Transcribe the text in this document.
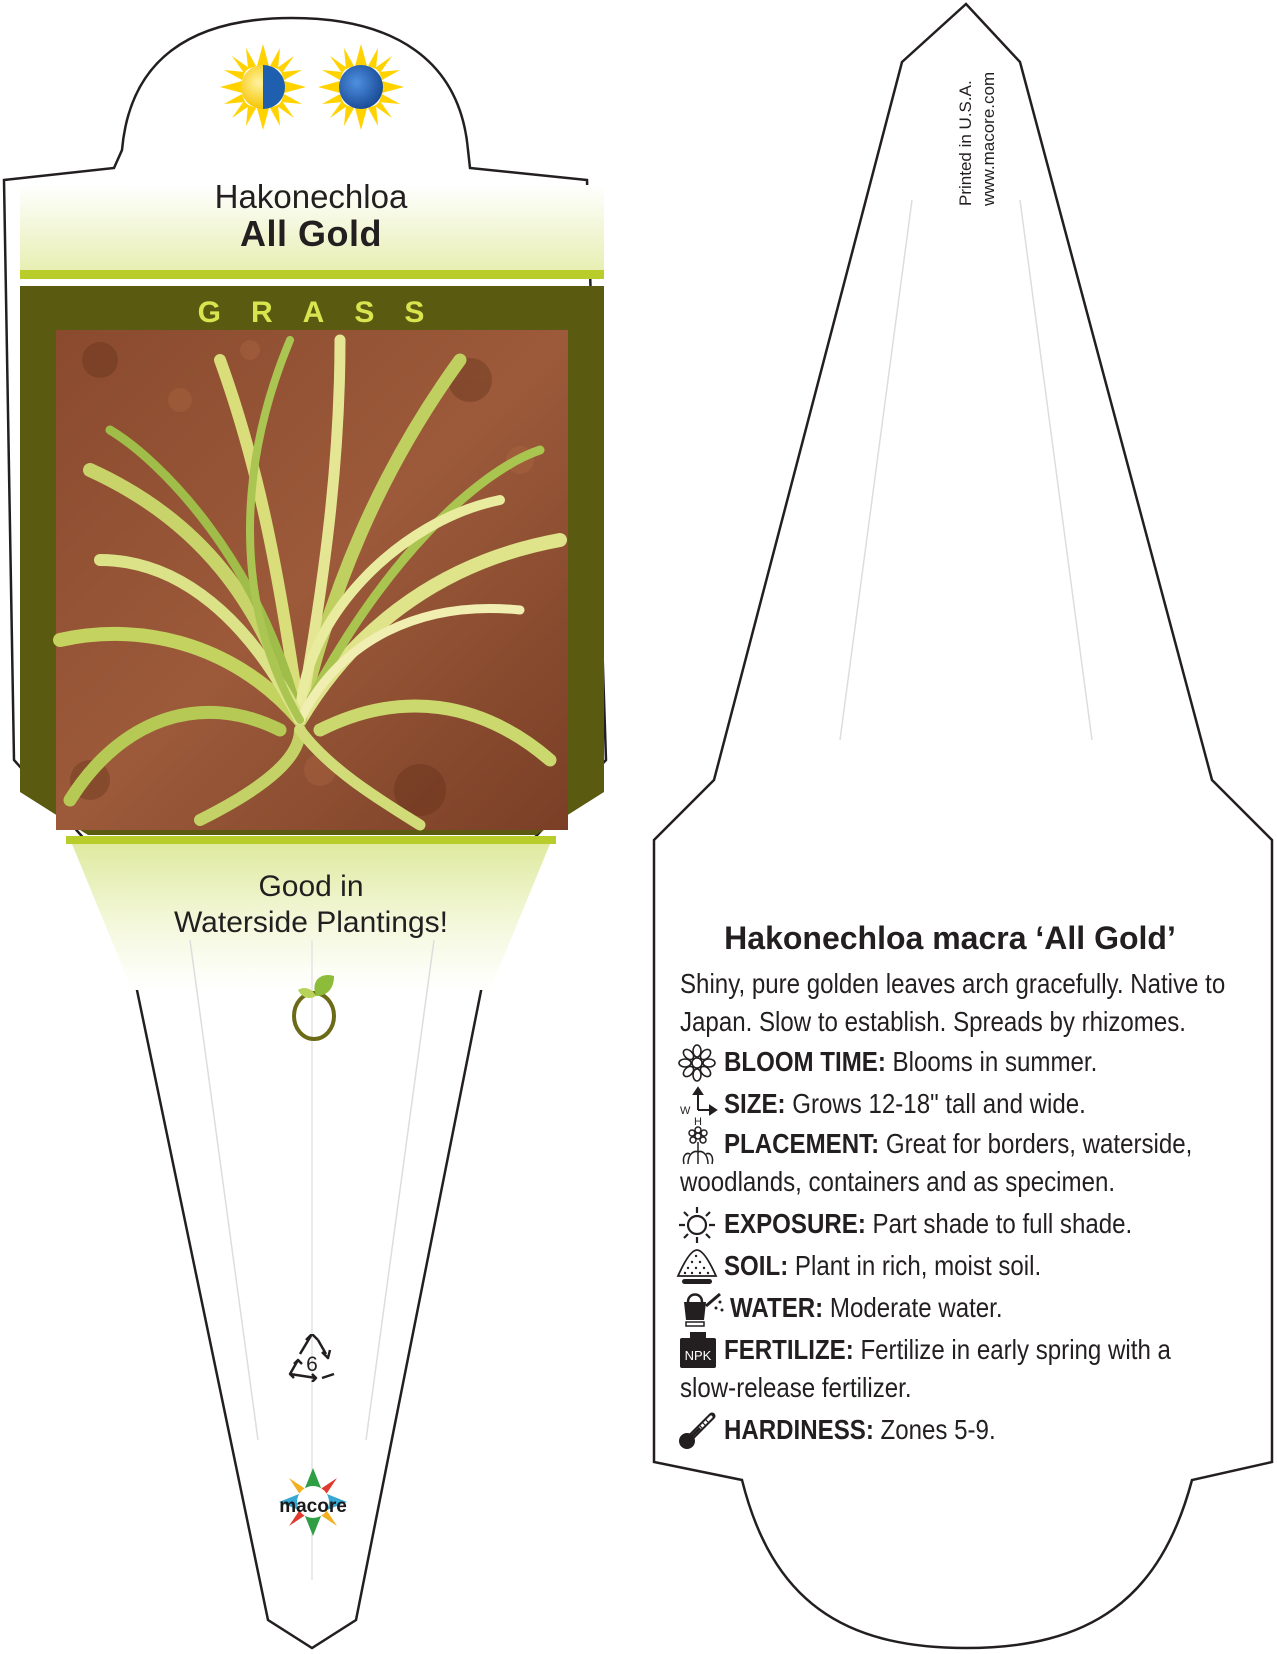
Hakonechloa
All Gold
GRASS
Good in
Waterside Plantings!
6
macore
Printed in U.S.A. www.macore.com
Hakonechloa macra ‘All Gold’
Shiny, pure golden leaves arch gracefully. Native to
Japan. Slow to establish. Spreads by rhizomes.
BLOOM TIME: Blooms in summer.
W
H
SIZE: Grows 12-18" tall and wide.
PLACEMENT: Great for borders, waterside,
woodlands, containers and as specimen.
EXPOSURE: Part shade to full shade.
SOIL: Plant in rich, moist soil.
WATER: Moderate water.
NPK FERTILIZE: Fertilize in early spring with a
slow-release fertilizer.
HARDINESS: Zones 5-9.
